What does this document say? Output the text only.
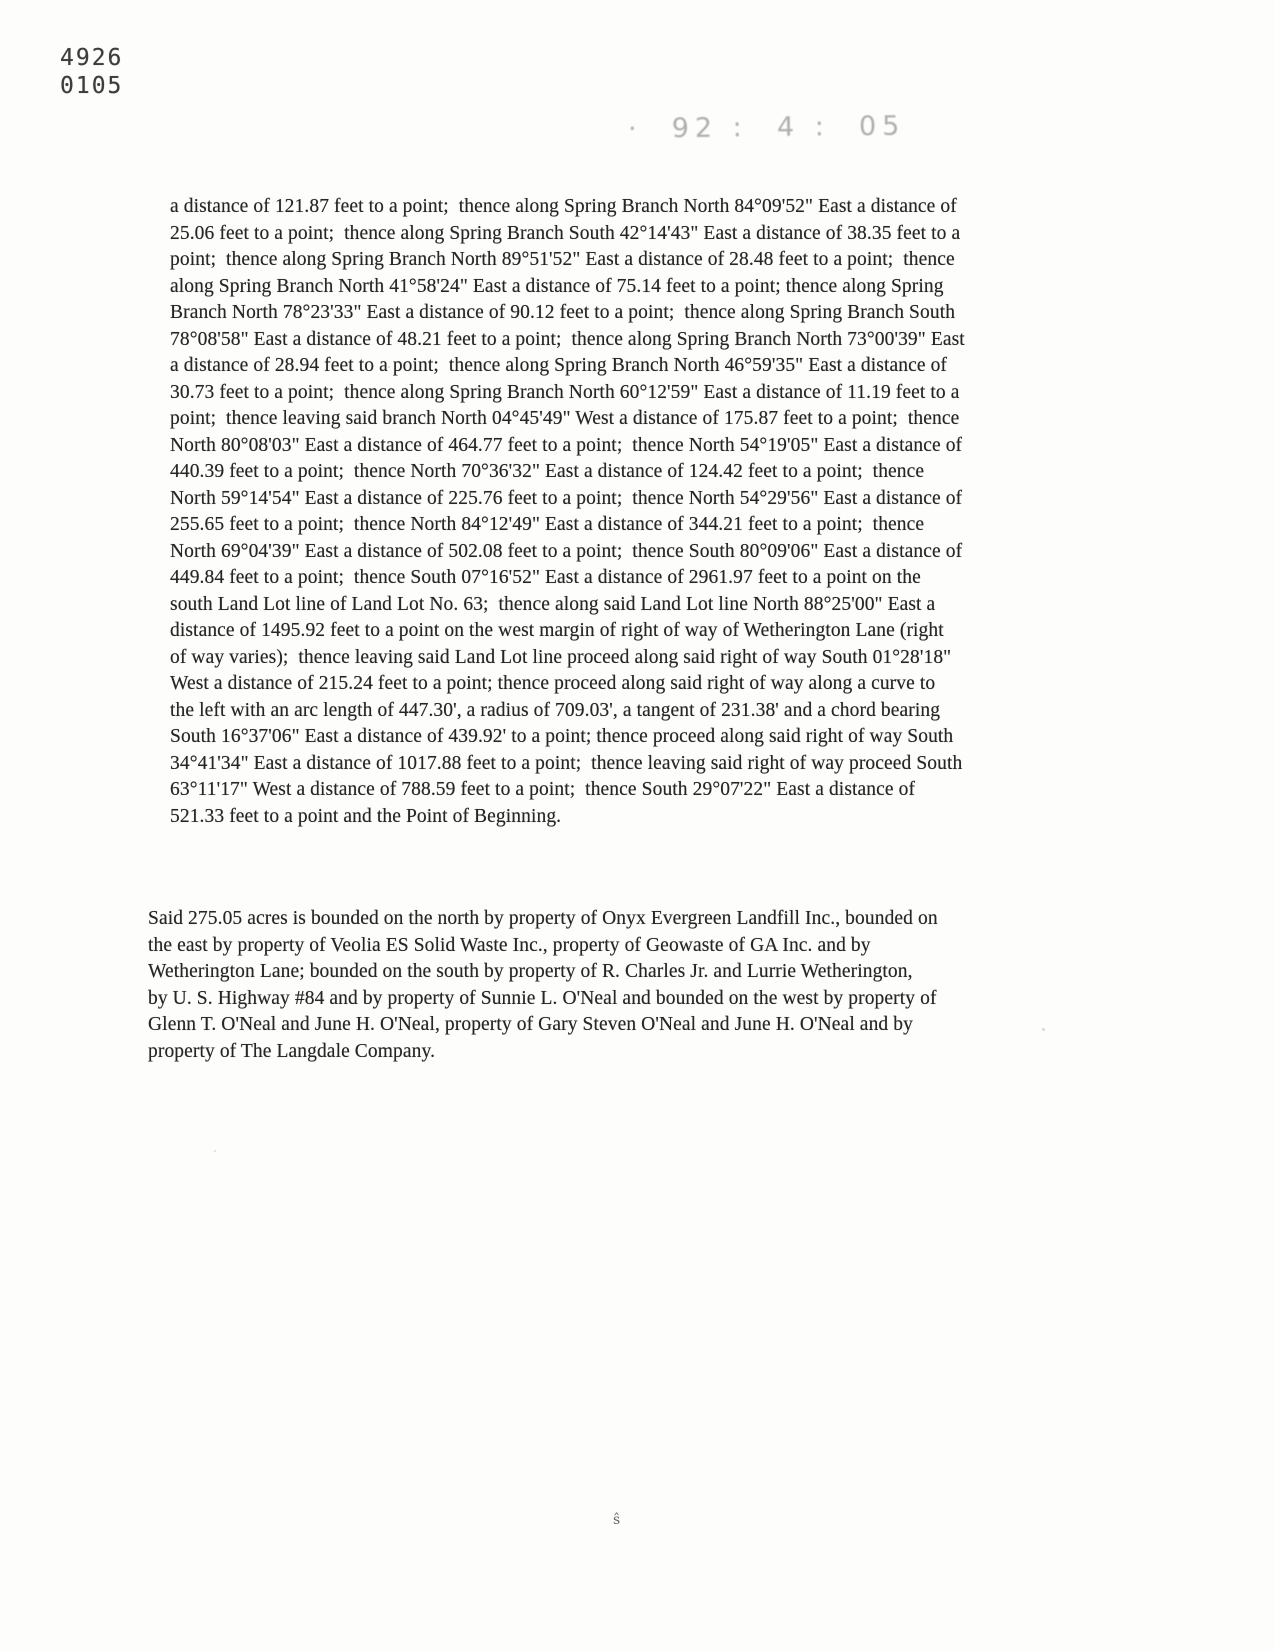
4926
0105
·  92 :  4 :  05
a distance of 121.87 feet to a point;  thence along Spring Branch North 84°09'52" East a distance of
25.06 feet to a point;  thence along Spring Branch South 42°14'43" East a distance of 38.35 feet to a
point;  thence along Spring Branch North 89°51'52" East a distance of 28.48 feet to a point;  thence
along Spring Branch North 41°58'24" East a distance of 75.14 feet to a point; thence along Spring
Branch North 78°23'33" East a distance of 90.12 feet to a point;  thence along Spring Branch South
78°08'58" East a distance of 48.21 feet to a point;  thence along Spring Branch North 73°00'39" East
a distance of 28.94 feet to a point;  thence along Spring Branch North 46°59'35" East a distance of
30.73 feet to a point;  thence along Spring Branch North 60°12'59" East a distance of 11.19 feet to a
point;  thence leaving said branch North 04°45'49" West a distance of 175.87 feet to a point;  thence
North 80°08'03" East a distance of 464.77 feet to a point;  thence North 54°19'05" East a distance of
440.39 feet to a point;  thence North 70°36'32" East a distance of 124.42 feet to a point;  thence
North 59°14'54" East a distance of 225.76 feet to a point;  thence North 54°29'56" East a distance of
255.65 feet to a point;  thence North 84°12'49" East a distance of 344.21 feet to a point;  thence
North 69°04'39" East a distance of 502.08 feet to a point;  thence South 80°09'06" East a distance of
449.84 feet to a point;  thence South 07°16'52" East a distance of 2961.97 feet to a point on the
south Land Lot line of Land Lot No. 63;  thence along said Land Lot line North 88°25'00" East a
distance of 1495.92 feet to a point on the west margin of right of way of Wetherington Lane (right
of way varies);  thence leaving said Land Lot line proceed along said right of way South 01°28'18"
West a distance of 215.24 feet to a point; thence proceed along said right of way along a curve to
the left with an arc length of 447.30', a radius of 709.03', a tangent of 231.38' and a chord bearing
South 16°37'06" East a distance of 439.92' to a point; thence proceed along said right of way South
34°41'34" East a distance of 1017.88 feet to a point;  thence leaving said right of way proceed South
63°11'17" West a distance of 788.59 feet to a point;  thence South 29°07'22" East a distance of
521.33 feet to a point and the Point of Beginning.
Said 275.05 acres is bounded on the north by property of Onyx Evergreen Landfill Inc., bounded on
the east by property of Veolia ES Solid Waste Inc., property of Geowaste of GA Inc. and by
Wetherington Lane; bounded on the south by property of R. Charles Jr. and Lurrie Wetherington,
by U. S. Highway #84 and by property of Sunnie L. O'Neal and bounded on the west by property of
Glenn T. O'Neal and June H. O'Neal, property of Gary Steven O'Neal and June H. O'Neal and by
property of The Langdale Company.
ŝ
